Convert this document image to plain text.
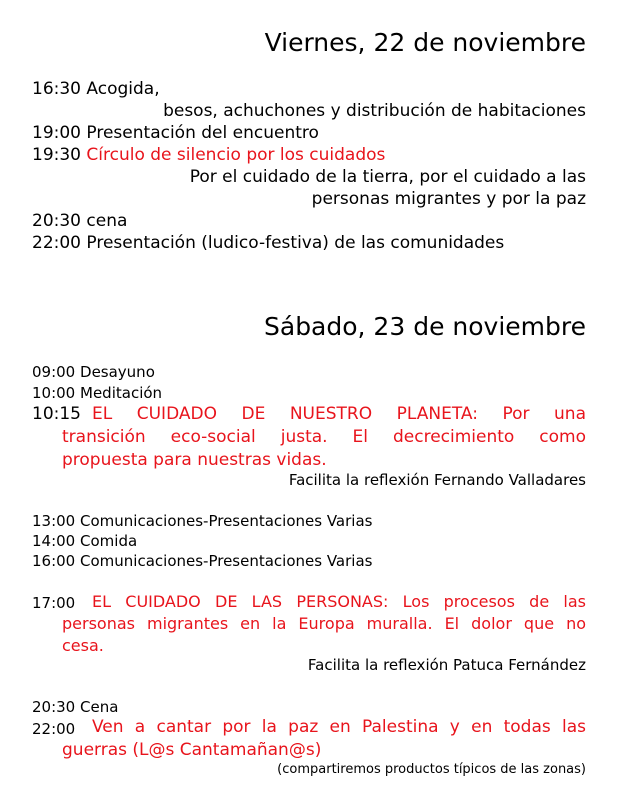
Viernes, 22 de noviembre
16:30 Acogida,
besos, achuchones y distribución de habitaciones
19:00 Presentación del encuentro
19:30 Círculo de silencio por los cuidados
Por el cuidado de la tierra, por el cuidado a las
personas migrantes y por la paz
20:30 cena
22:00 Presentación (ludico-festiva) de las comunidades
Sábado, 23 de noviembre
09:00 Desayuno
10:00 Meditación
10:15 EL CUIDADO DE NUESTRO PLANETA: Por una
transición eco-social justa. El decrecimiento como
propuesta para nuestras vidas.
Facilita la reflexión Fernando Valladares
13:00 Comunicaciones-Presentaciones Varias
14:00 Comida
16:00 Comunicaciones-Presentaciones Varias
17:00 EL CUIDADO DE LAS PERSONAS: Los procesos de las
personas migrantes en la Europa muralla. El dolor que no
cesa.
Facilita la reflexión Patuca Fernández
20:30 Cena
22:00 Ven a cantar por la paz en Palestina y en todas las
guerras (L@s Cantamañan@s)
(compartiremos productos típicos de las zonas)
